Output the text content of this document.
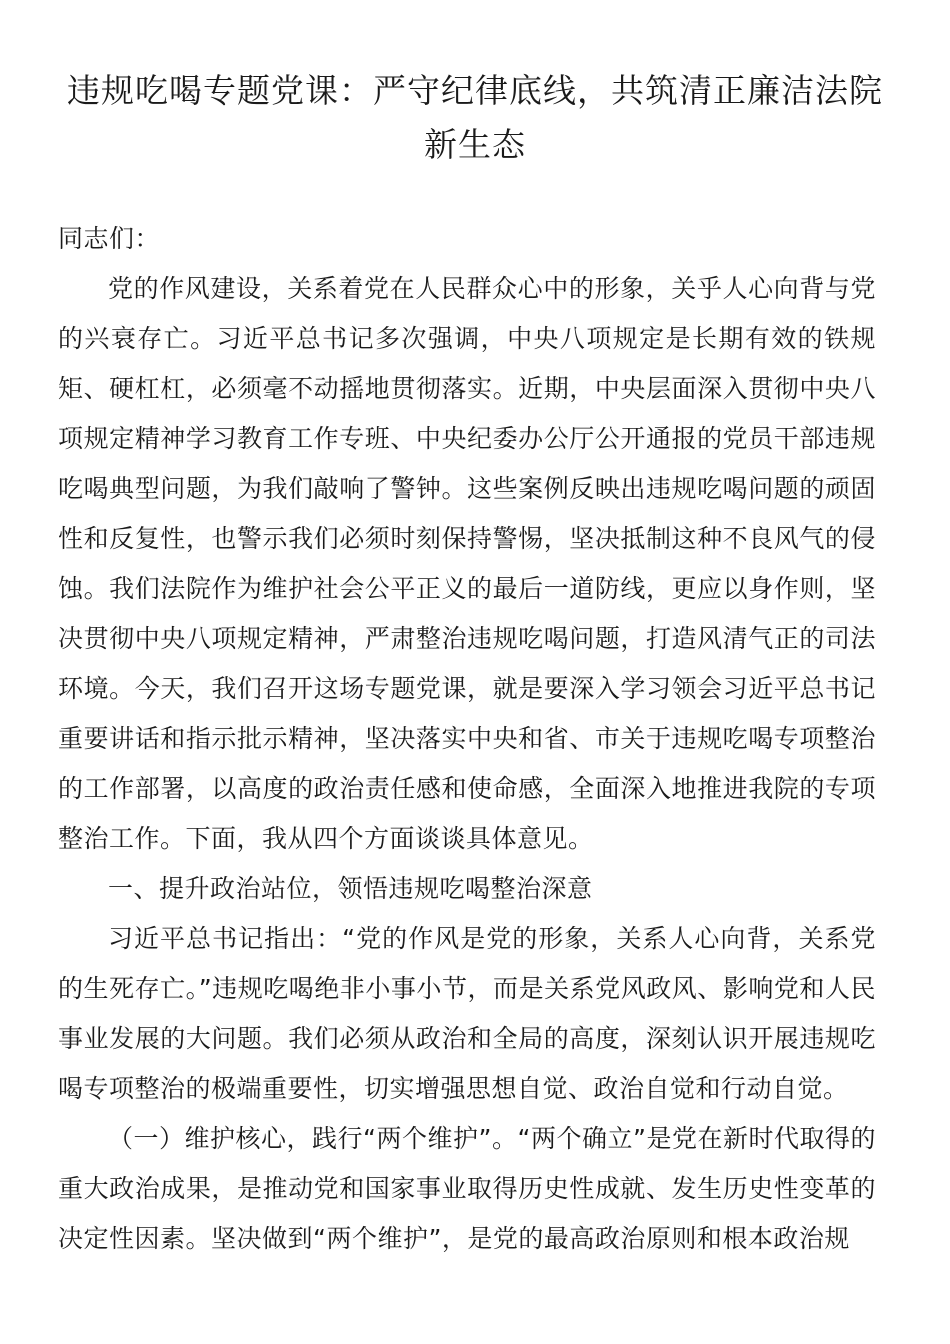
违规吃喝专题党课：严守纪律底线，共筑清正廉洁法院新生态

同志们：

党的作风建设，关系着党在人民群众心中的形象，关乎人心向背与党的兴衰存亡。习近平总书记多次强调，中央八项规定是长期有效的铁规矩、硬杠杠，必须毫不动摇地贯彻落实。近期，中央层面深入贯彻中央八项规定精神学习教育工作专班、中央纪委办公厅公开通报的党员干部违规吃喝典型问题，为我们敲响了警钟。这些案例反映出违规吃喝问题的顽固性和反复性，也警示我们必须时刻保持警惕，坚决抵制这种不良风气的侵蚀。我们法院作为维护社会公平正义的最后一道防线，更应以身作则，坚决贯彻中央八项规定精神，严肃整治违规吃喝问题，打造风清气正的司法环境。今天，我们召开这场专题党课，就是要深入学习领会习近平总书记重要讲话和指示批示精神，坚决落实中央和省、市关于违规吃喝专项整治的工作部署，以高度的政治责任感和使命感，全面深入地推进我院的专项整治工作。下面，我从四个方面谈谈具体意见。

一、提升政治站位，领悟违规吃喝整治深意

习近平总书记指出：“党的作风是党的形象，关系人心向背，关系党的生死存亡。”违规吃喝绝非小事小节，而是关系党风政风、影响党和人民事业发展的大问题。我们必须从政治和全局的高度，深刻认识开展违规吃喝专项整治的极端重要性，切实增强思想自觉、政治自觉和行动自觉。

（一）维护核心，践行“两个维护”。“两个确立”是党在新时代取得的重大政治成果，是推动党和国家事业取得历史性成就、发生历史性变革的决定性因素。坚决做到“两个维护”，是党的最高政治原则和根本政治规
